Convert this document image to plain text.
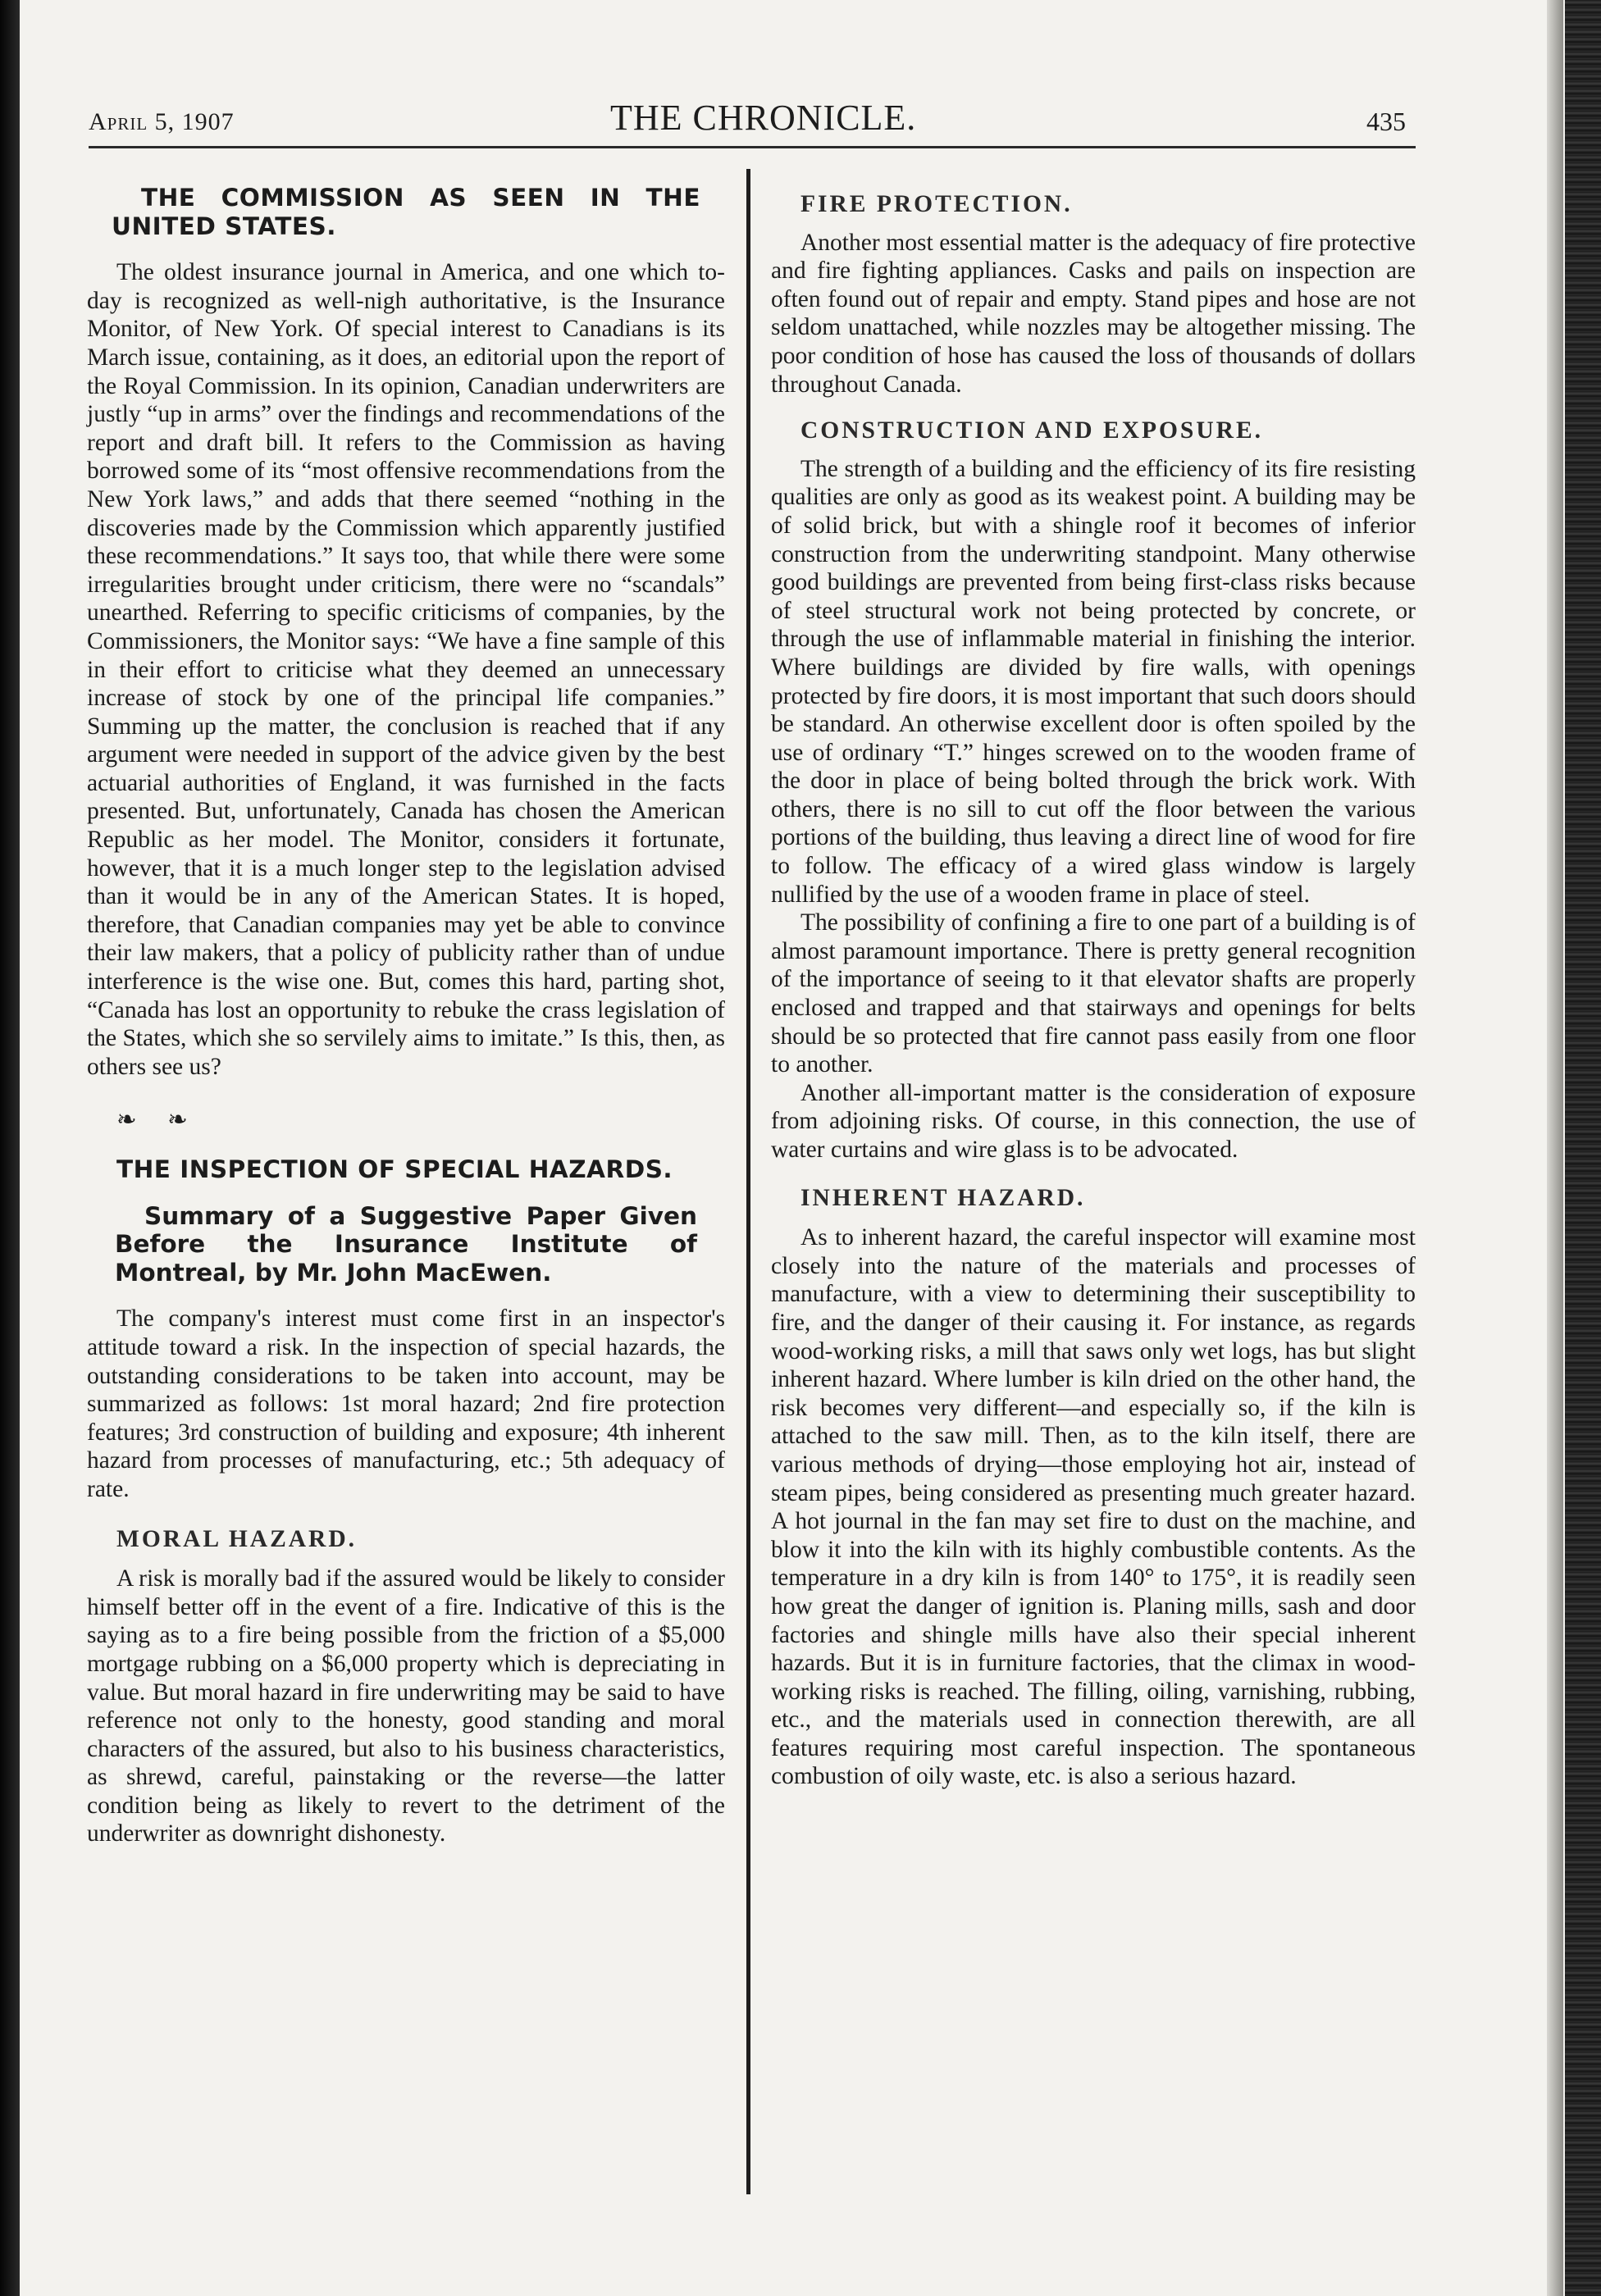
April 5, 1907	THE CHRONICLE.	435

THE COMMISSION AS SEEN IN THE UNITED STATES.

The oldest insurance journal in America, and one which to-day is recognized as well-nigh authoritative, is the Insurance Monitor, of New York. Of special interest to Canadians is its March issue, containing, as it does, an editorial upon the report of the Royal Commission. In its opinion, Canadian underwriters are justly “up in arms” over the findings and recommendations of the report and draft bill. It refers to the Commission as having borrowed some of its “most offensive recommendations from the New York laws,” and adds that there seemed “nothing in the discoveries made by the Commission which apparently justified these recommendations.” It says too, that while there were some irregularities brought under criticism, there were no “scandals” unearthed. Referring to specific criticisms of companies, by the Commissioners, the Monitor says: “We have a fine sample of this in their effort to criticise what they deemed an unnecessary increase of stock by one of the principal life companies.” Summing up the matter, the conclusion is reached that if any argument were needed in support of the advice given by the best actuarial authorities of England, it was furnished in the facts presented. But, unfortunately, Canada has chosen the American Republic as her model. The Monitor, considers it fortunate, however, that it is a much longer step to the legislation advised than it would be in any of the American States. It is hoped, therefore, that Canadian companies may yet be able to convince their law makers, that a policy of publicity rather than of undue interference is the wise one. But, comes this hard, parting shot, “Canada has lost an opportunity to rebuke the crass legislation of the States, which she so servilely aims to imitate.” Is this, then, as others see us?

❧ ❧

THE INSPECTION OF SPECIAL HAZARDS.

Summary of a Suggestive Paper Given Before the Insurance Institute of Montreal, by Mr. John MacEwen.

The company's interest must come first in an inspector's attitude toward a risk. In the inspection of special hazards, the outstanding considerations to be taken into account, may be summarized as follows: 1st moral hazard; 2nd fire protection features; 3rd construction of building and exposure; 4th inherent hazard from processes of manufacturing, etc.; 5th adequacy of rate.

MORAL HAZARD.

A risk is morally bad if the assured would be likely to consider himself better off in the event of a fire. Indicative of this is the saying as to a fire being possible from the friction of a $5,000 mortgage rubbing on a $6,000 property which is depreciating in value. But moral hazard in fire underwriting may be said to have reference not only to the honesty, good standing and moral characters of the assured, but also to his business characteristics, as shrewd, careful, painstaking or the reverse—the latter condition being as likely to revert to the detriment of the underwriter as downright dishonesty.

FIRE PROTECTION.

Another most essential matter is the adequacy of fire protective and fire fighting appliances. Casks and pails on inspection are often found out of repair and empty. Stand pipes and hose are not seldom unattached, while nozzles may be altogether missing. The poor condition of hose has caused the loss of thousands of dollars throughout Canada.

CONSTRUCTION AND EXPOSURE.

The strength of a building and the efficiency of its fire resisting qualities are only as good as its weakest point. A building may be of solid brick, but with a shingle roof it becomes of inferior construction from the underwriting standpoint. Many otherwise good buildings are prevented from being first-class risks because of steel structural work not being protected by concrete, or through the use of inflammable material in finishing the interior. Where buildings are divided by fire walls, with openings protected by fire doors, it is most important that such doors should be standard. An otherwise excellent door is often spoiled by the use of ordinary “T.” hinges screwed on to the wooden frame of the door in place of being bolted through the brick work. With others, there is no sill to cut off the floor between the various portions of the building, thus leaving a direct line of wood for fire to follow. The efficacy of a wired glass window is largely nullified by the use of a wooden frame in place of steel.

The possibility of confining a fire to one part of a building is of almost paramount importance. There is pretty general recognition of the importance of seeing to it that elevator shafts are properly enclosed and trapped and that stairways and openings for belts should be so protected that fire cannot pass easily from one floor to another.

Another all-important matter is the consideration of exposure from adjoining risks. Of course, in this connection, the use of water curtains and wire glass is to be advocated.

INHERENT HAZARD.

As to inherent hazard, the careful inspector will examine most closely into the nature of the materials and processes of manufacture, with a view to determining their susceptibility to fire, and the danger of their causing it. For instance, as regards wood-working risks, a mill that saws only wet logs, has but slight inherent hazard. Where lumber is kiln dried on the other hand, the risk becomes very different—and especially so, if the kiln is attached to the saw mill. Then, as to the kiln itself, there are various methods of drying—those employing hot air, instead of steam pipes, being considered as presenting much greater hazard. A hot journal in the fan may set fire to dust on the machine, and blow it into the kiln with its highly combustible contents. As the temperature in a dry kiln is from 140° to 175°, it is readily seen how great the danger of ignition is. Planing mills, sash and door factories and shingle mills have also their special inherent hazards. But it is in furniture factories, that the climax in wood-working risks is reached. The filling, oiling, varnishing, rubbing, etc., and the materials used in connection therewith, are all features requiring most careful inspection. The spontaneous combustion of oily waste, etc. is also a serious hazard.
